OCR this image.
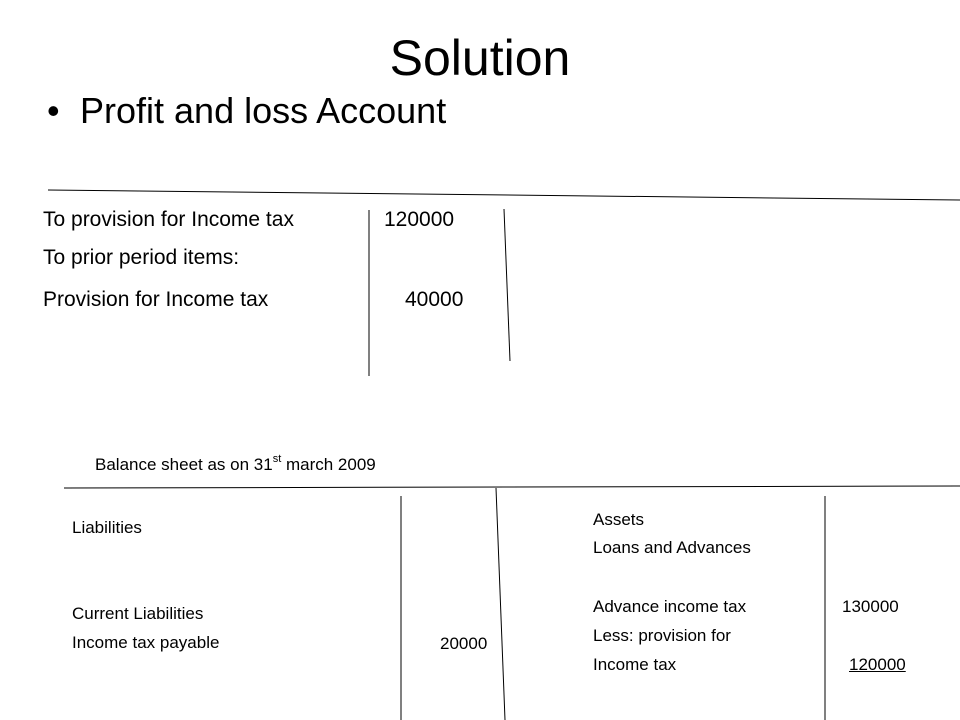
Solution
• Profit and loss Account
To provision for Income tax	120000
To prior period items:
Provision for Income tax	40000
Balance sheet as on 31st march 2009
Liabilities
Current Liabilities
Income tax payable	20000
Assets
Loans and Advances
Advance income tax	130000
Less: provision for
Income tax	120000
